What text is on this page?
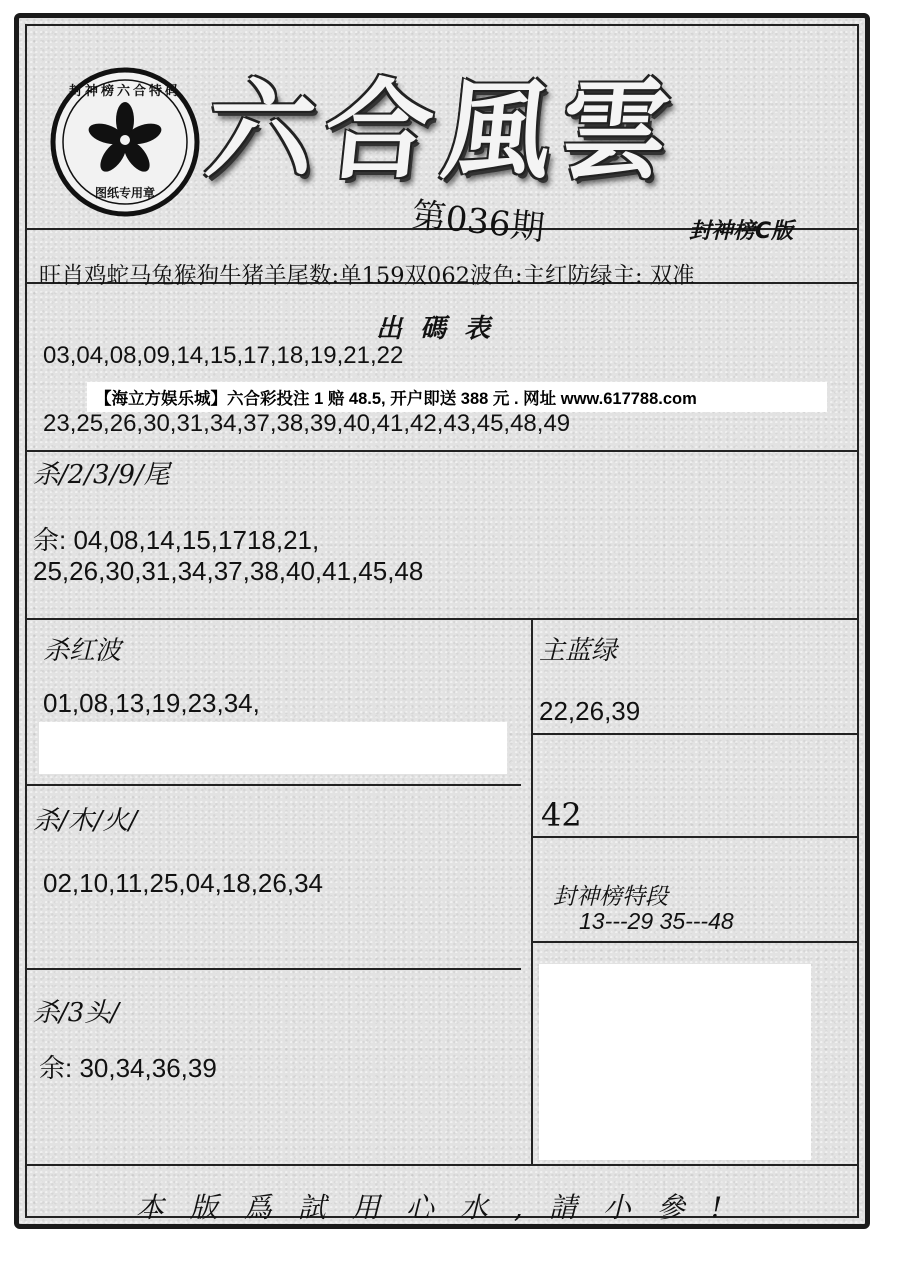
封神榜六合特码
图纸专用章 六合風雲
第036期	封神榜C版
旺肖鸡蛇马兔猴狗牛猪羊尾数:单159双062波色:主红防绿主: 双准
出碼表
03,04,08,09,14,15,17,18,19,21,22
【海立方娱乐城】六合彩投注 1 赔 48.5, 开户即送 388 元 . 网址 www.617788.com
23,25,26,30,31,34,37,38,39,40,41,42,43,45,48,49
杀/2/3/9/尾
余: 04,08,14,15,1718,21,
25,26,30,31,34,37,38,40,41,45,48
杀红波
01,08,13,19,23,34,
主蓝绿
22,26,39
42
杀/木/火/
02,10,11,25,04,18,26,34	封神榜特段
13---29 35---48
杀/3头/
余: 30,34,36,39
本版爲試用心水,請小參!
